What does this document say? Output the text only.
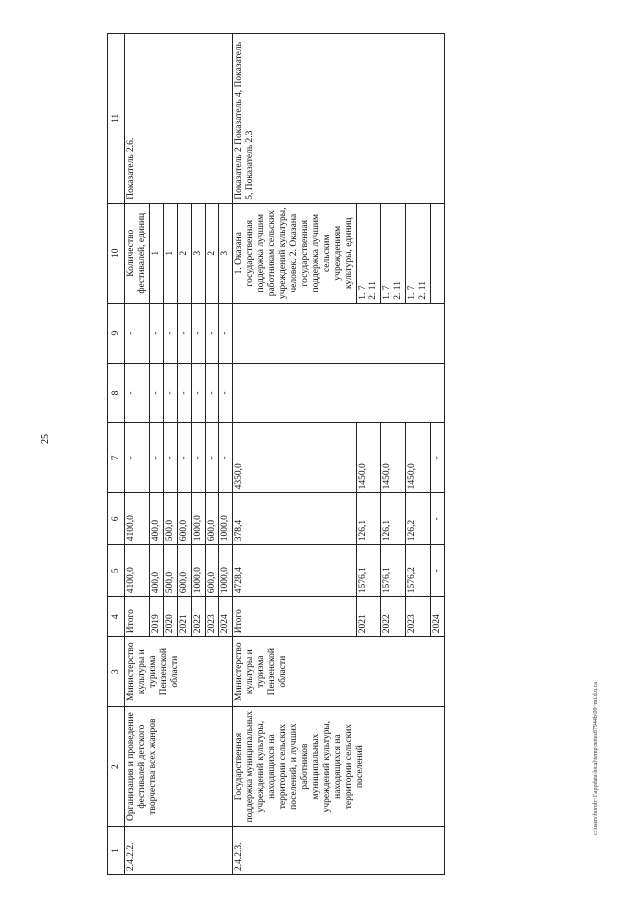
25
1	2	3	4	5	6	7	8	9	10	11
2.4.2.2.	Организация и проведение фестивалей детского творчества всех жанров	Министерство культуры и туризма Пензенской области	Итого	4100,0	4100,0	-	-	-	Количество фестивалей, единиц	Показатель 2.6.
			2019	400,0	400,0	-	-	-	1	
			2020	500,0	500,0	-	-	-	1	
			2021	600,0	600,0	-	-	-	2	
			2022	1000,0	1000,0	-	-	-	3	
			2023	600,0	600,0	-	-	-	2	
			2024	1000,0	1000,0	-	-	-	3	
2.4.2.3.	Государственная поддержка муниципальных учреждений культуры, находящихся на территории сельских поселений, и лучших работников муниципальных учреждений культуры, находящихся на территории сельских поселений	Министерство культуры и туризма Пензенской области	Итого	4728,4	378,4	4350,0			1. Оказана государственная поддержка лучшим работникам сельских учреждений культуры, человек. 2. Оказана государственная поддержка лучшим сельским учреждениям культуры, единиц	Показатель 2 Показатель 4, Показатель 5, Показатель 2.3
			2021	1576,1	126,1	1450,0			1. 7 2. 11	

			2022	1576,1	126,1	1450,0			1. 7 2. 11	

			2023	1576,2	126,2	1450,0			1. 7 2. 11	

			2024	-	-	-				
c:\users\borob~1\appdata\local\temp\notes87944b\00~mi.d.o.ca
